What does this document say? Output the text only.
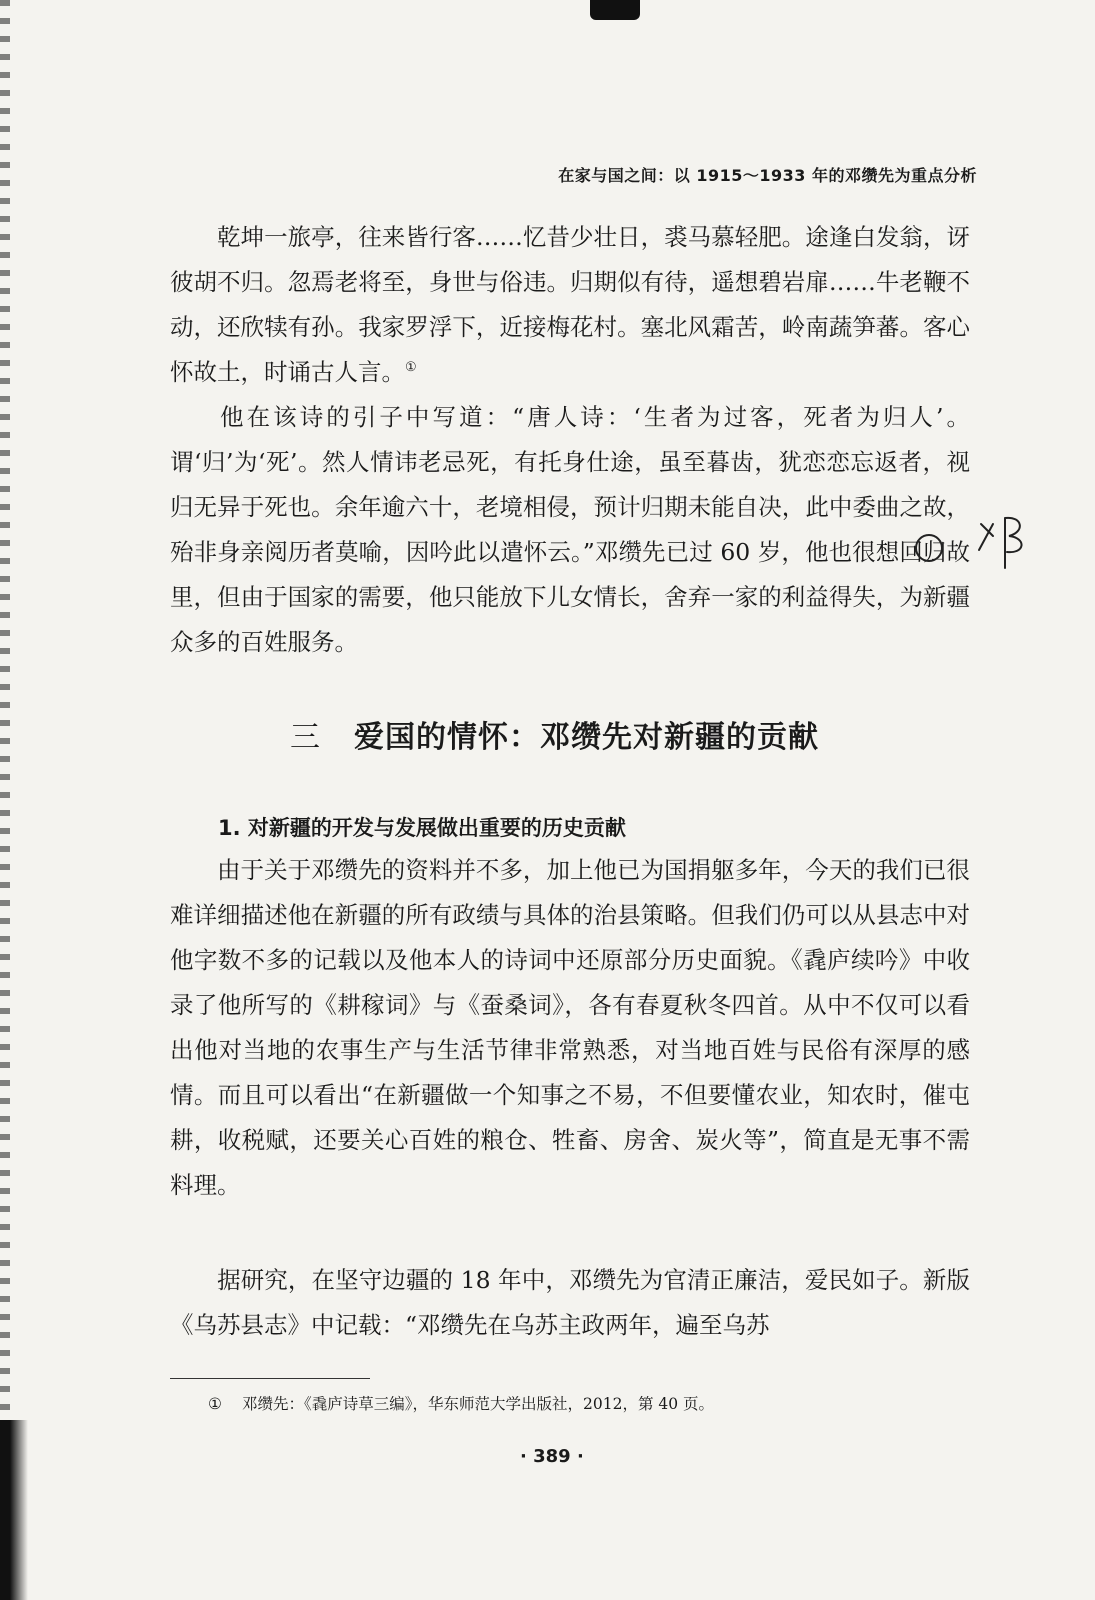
在家与国之间：以 1915～1933 年的邓缵先为重点分析

乾坤一旅亭，往来皆行客……忆昔少壮日，裘马慕轻肥。途逢白发翁，讶彼胡不归。忽焉老将至，身世与俗违。归期似有待，遥想碧岩扉……牛老鞭不动，还欣犊有孙。我家罗浮下，近接梅花村。塞北风霜苦，岭南蔬笋蕃。客心怀故土，时诵古人言。①

他在该诗的引子中写道：“唐人诗：‘生者为过客，死者为归人’。谓‘归’为‘死’。然人情讳老忌死，有托身仕途，虽至暮齿，犹恋恋忘返者，视归无异于死也。余年逾六十，老境相侵，预计归期未能自决，此中委曲之故，殆非身亲阅历者莫喻，因吟此以遣怀云。”邓缵先已过 60 岁，他也很想回归故里，但由于国家的需要，他只能放下儿女情长，舍弃一家的利益得失，为新疆众多的百姓服务。

三 爱国的情怀：邓缵先对新疆的贡献
1. 对新疆的开发与发展做出重要的历史贡献

由于关于邓缵先的资料并不多，加上他已为国捐躯多年，今天的我们已很难详细描述他在新疆的所有政绩与具体的治县策略。但我们仍可以从县志中对他字数不多的记载以及他本人的诗词中还原部分历史面貌。《毳庐续吟》中收录了他所写的《耕稼词》与《蚕桑词》，各有春夏秋冬四首。从中不仅可以看出他对当地的农事生产与生活节律非常熟悉，对当地百姓与民俗有深厚的感情。而且可以看出“在新疆做一个知事之不易，不但要懂农业，知农时，催屯耕，收税赋，还要关心百姓的粮仓、牲畜、房舍、炭火等”，简直是无事不需料理。

据研究，在坚守边疆的 18 年中，邓缵先为官清正廉洁，爱民如子。新版《乌苏县志》中记载：“邓缵先在乌苏主政两年，遍至乌苏

① 邓缵先：《毳庐诗草三编》，华东师范大学出版社，2012，第 40 页。
· 389 ·
